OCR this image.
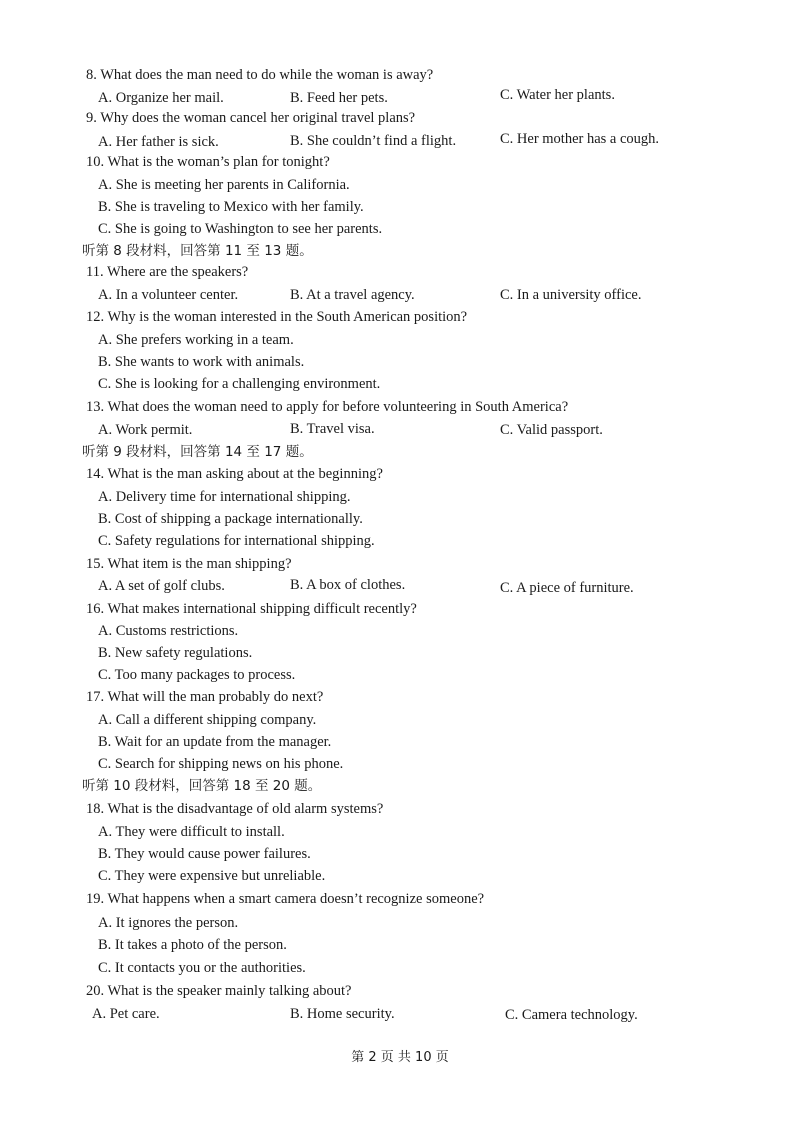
8. What does the man need to do while the woman is away?
A. Organize her mail.	B. Feed her pets.	C. Water her plants.
9. Why does the woman cancel her original travel plans?
A. Her father is sick.	B. She couldn’t find a flight.	C. Her mother has a cough.
10. What is the woman’s plan for tonight?
A. She is meeting her parents in California.
B. She is traveling to Mexico with her family.
C. She is going to Washington to see her parents.
听第 8 段材料，回答第 11 至 13 题。
11. Where are the speakers?
A. In a volunteer center.	B. At a travel agency.	C. In a university office.
12. Why is the woman interested in the South American position?
A. She prefers working in a team.
B. She wants to work with animals.
C. She is looking for a challenging environment.
13. What does the woman need to apply for before volunteering in South America?
A. Work permit.	B. Travel visa.	C. Valid passport.
听第 9 段材料，回答第 14 至 17 题。
14. What is the man asking about at the beginning?
A. Delivery time for international shipping.
B. Cost of shipping a package internationally.
C. Safety regulations for international shipping.
15. What item is the man shipping?
A. A set of golf clubs.	B. A box of clothes.	C. A piece of furniture.
16. What makes international shipping difficult recently?
A. Customs restrictions.
B. New safety regulations.
C. Too many packages to process.
17. What will the man probably do next?
A. Call a different shipping company.
B. Wait for an update from the manager.
C. Search for shipping news on his phone.
听第 10 段材料，回答第 18 至 20 题。
18. What is the disadvantage of old alarm systems?
A. They were difficult to install.
B. They would cause power failures.
C. They were expensive but unreliable.
19. What happens when a smart camera doesn’t recognize someone?
A. It ignores the person.
B. It takes a photo of the person.
C. It contacts you or the authorities.
20. What is the speaker mainly talking about?
A. Pet care.	B. Home security.	C. Camera technology.
第 2 页 共 10 页
